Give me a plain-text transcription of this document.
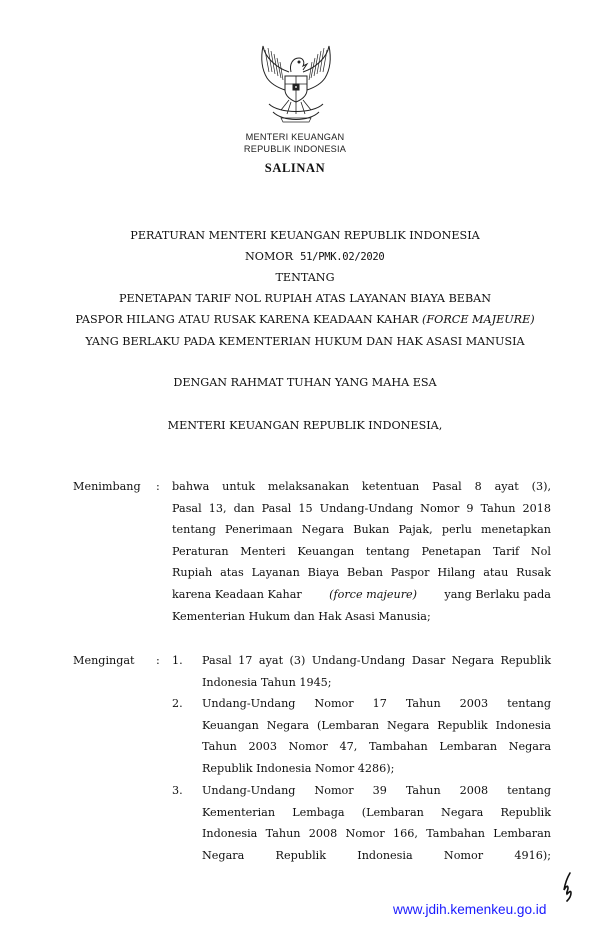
MENTERI KEUANGAN
REPUBLIK INDONESIA
SALINAN
PERATURAN MENTERI KEUANGAN REPUBLIK INDONESIA
NOMOR 51/PMK.02/2020
TENTANG
PENETAPAN TARIF NOL RUPIAH ATAS LAYANAN BIAYA BEBAN
PASPOR HILANG ATAU RUSAK KARENA KEADAAN KAHAR (FORCE MAJEURE)
YANG BERLAKU PADA KEMENTERIAN HUKUM DAN HAK ASASI MANUSIA
DENGAN RAHMAT TUHAN YANG MAHA ESA
MENTERI KEUANGAN REPUBLIK INDONESIA,
Menimbang : bahwa untuk melaksanakan ketentuan Pasal 8 ayat (3),
Pasal 13, dan Pasal 15 Undang-Undang Nomor 9 Tahun 2018
tentang Penerimaan Negara Bukan Pajak, perlu menetapkan
Peraturan Menteri Keuangan tentang Penetapan Tarif Nol
Rupiah atas Layanan Biaya Beban Paspor Hilang atau Rusak
karena Keadaan Kahar (force majeure) yang Berlaku pada
Kementerian Hukum dan Hak Asasi Manusia;
Mengingat : 1. Pasal 17 ayat (3) Undang-Undang Dasar Negara Republik
Indonesia Tahun 1945;
2. Undang-Undang Nomor 17 Tahun 2003 tentang
Keuangan Negara (Lembaran Negara Republik Indonesia
Tahun 2003 Nomor 47, Tambahan Lembaran Negara
Republik Indonesia Nomor 4286);
3. Undang-Undang Nomor 39 Tahun 2008 tentang
Kementerian Lembaga (Lembaran Negara Republik
Indonesia Tahun 2008 Nomor 166, Tambahan Lembaran
Negara Republik Indonesia Nomor 4916);
www.jdih.kemenkeu.go.id
